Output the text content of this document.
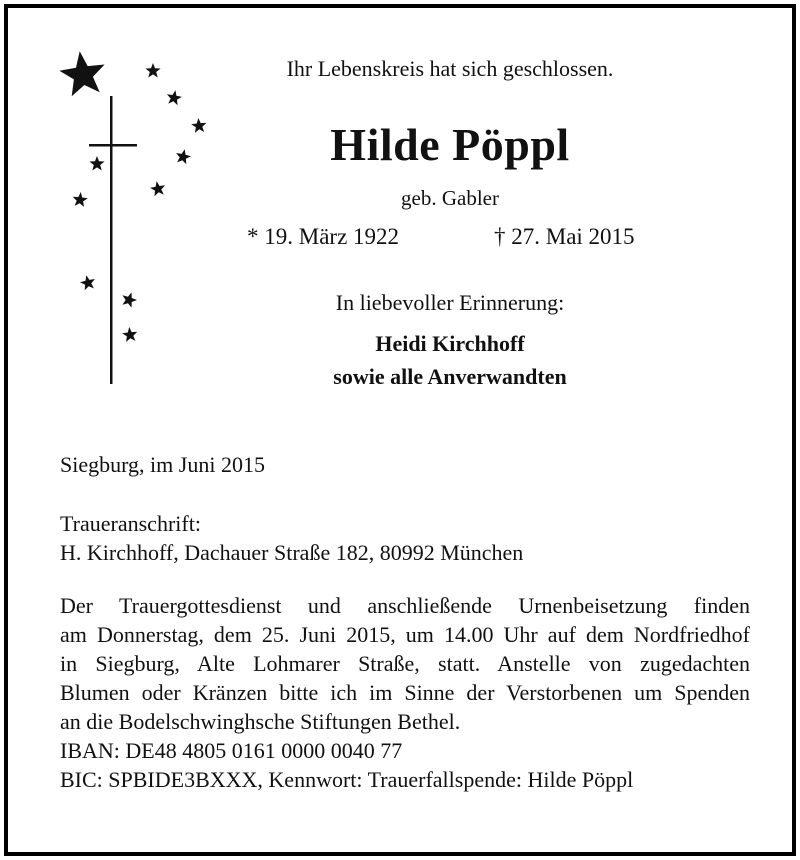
Ihr Lebenskreis hat sich geschlossen.
Hilde Pöppl
geb. Gabler
* 19. März 1922	† 27. Mai 2015
In liebevoller Erinnerung:
Heidi Kirchhoff
sowie alle Anverwandten
Siegburg, im Juni 2015
Traueranschrift:
H. Kirchhoff, Dachauer Straße 182, 80992 München
Der Trauergottesdienst und anschließende Urnenbeisetzung finden
am Donnerstag, dem 25. Juni 2015, um 14.00 Uhr auf dem Nordfriedhof
in Siegburg, Alte Lohmarer Straße, statt. Anstelle von zugedachten
Blumen oder Kränzen bitte ich im Sinne der Verstorbenen um Spenden
an die Bodelschwinghsche Stiftungen Bethel.
IBAN: DE48 4805 0161 0000 0040 77
BIC: SPBIDE3BXXX, Kennwort: Trauerfallspende: Hilde Pöppl
